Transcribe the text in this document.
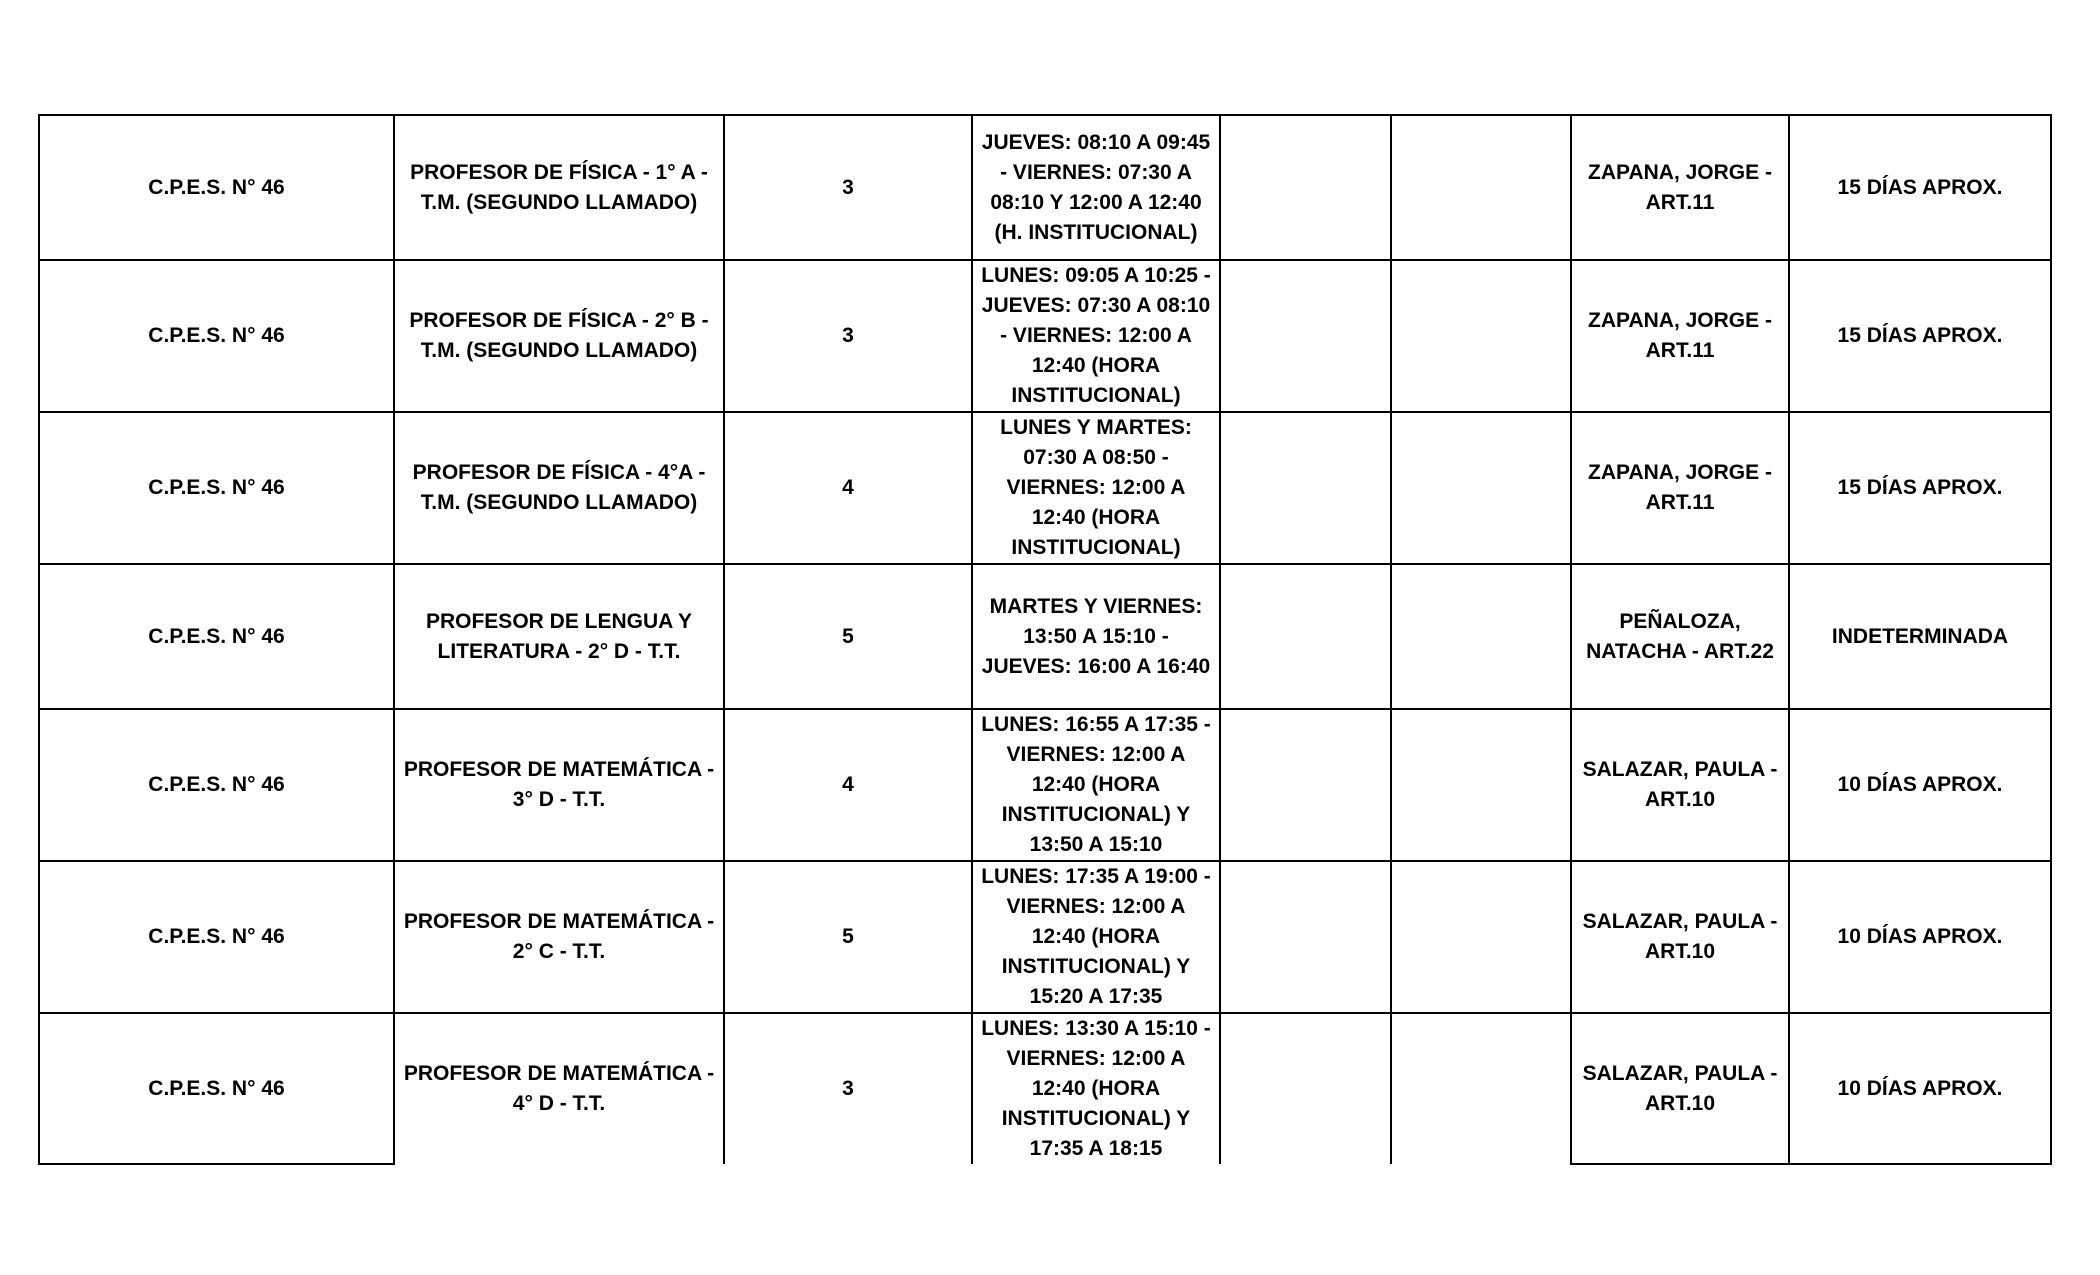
C.P.E.S. N° 46	PROFESOR DE FÍSICA - 1° A - T.M. (SEGUNDO LLAMADO)	3	JUEVES: 08:10 A 09:45 - VIERNES: 07:30 A 08:10 Y 12:00 A 12:40 (H. INSTITUCIONAL)			ZAPANA, JORGE - ART.11	15 DÍAS APROX.

C.P.E.S. N° 46	PROFESOR DE FÍSICA - 2° B - T.M. (SEGUNDO LLAMADO)	3	LUNES: 09:05 A 10:25 - JUEVES: 07:30 A 08:10 - VIERNES: 12:00 A 12:40 (HORA INSTITUCIONAL)			ZAPANA, JORGE - ART.11	15 DÍAS APROX.

C.P.E.S. N° 46	PROFESOR DE FÍSICA - 4°A - T.M. (SEGUNDO LLAMADO)	4	LUNES Y MARTES: 07:30 A 08:50 - VIERNES: 12:00 A 12:40 (HORA INSTITUCIONAL)			ZAPANA, JORGE - ART.11	15 DÍAS APROX.

C.P.E.S. N° 46	PROFESOR DE LENGUA Y LITERATURA - 2° D - T.T.	5	MARTES Y VIERNES: 13:50 A 15:10 - JUEVES: 16:00 A 16:40			PEÑALOZA, NATACHA - ART.22	INDETERMINADA

C.P.E.S. N° 46	PROFESOR DE MATEMÁTICA - 3° D - T.T.	4	LUNES: 16:55 A 17:35 - VIERNES: 12:00 A 12:40 (HORA INSTITUCIONAL) Y 13:50 A 15:10			SALAZAR, PAULA - ART.10	10 DÍAS APROX.

C.P.E.S. N° 46	PROFESOR DE MATEMÁTICA - 2° C - T.T.	5	LUNES: 17:35 A 19:00 - VIERNES: 12:00 A 12:40 (HORA INSTITUCIONAL) Y 15:20 A 17:35			SALAZAR, PAULA - ART.10	10 DÍAS APROX.

C.P.E.S. N° 46	PROFESOR DE MATEMÁTICA - 4° D - T.T.	3	LUNES: 13:30 A 15:10 - VIERNES: 12:00 A 12:40 (HORA INSTITUCIONAL) Y 17:35 A 18:15			SALAZAR, PAULA - ART.10	10 DÍAS APROX.
